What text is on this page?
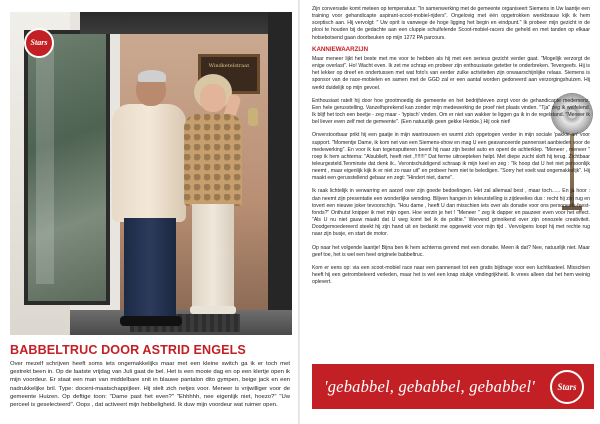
Windketelstraat
Stars
BABBELTRUC DOOR ASTRID ENGELS
Over mezelf schrijven heeft soms iets ongemakkelijks maar met een kleine switch ga ik er toch met gestrekt been in. Op de laatste vrijdag van Juli gaat de bel. Het is een mooie dag en op een klertje open ik mijn voordeur. Er staat een man van middelbare snit in blauwe pantalon dito gympen, beige jack en een nadrukkelijke bril. Type: docent-maatschappijleer. Hij stelt zich netjes voor. Meneer is vrijwilliger voor de gemeente Huizen. Op deftige toon: "Dame past het even?" "Ehhhhh, nee eigenlijk niet, hoezo?" "Uw perceel is geselecteerd". Oops , dat activeert mijn hebbeligheid. Ik duw mijn voordeur wat ruimer open.

Zijn conversatie komt meteen op temperatuur. "In samenwerking met de gemeente organiseert Siemens in Uw laantje een training voor gehandicapte aspirant-scoot-mobiel-rijders". Ongelovig met één opgetrokken wenkbrauw kijk ik hem sceptisch aan. Hij vervolgt: " Uw oprit is vanwege de hoge ligging het begin en eindpunt." Ik probeer mijn gezicht in de plooi te houden bij de gedachte aan een cluppie schuifelende Scoot-mobiel-racers die geheld en met tanden op elkaar hotsebotsend gaan doorbeuken op mijn 1272 PA parcours.

KANNIEWAARZIJN

Maar meneer lijkt het beste met me voor te hebben als hij met een serieus gezicht verder gaat. "Mogelijk verzorgt de enige overlast". Ho! Wacht even. Ik zet me schrap en probeer zijn enthousiaste getetter te onderbreken. Tevergeefs. Hij is het lekker op dreef en ondertussen met wat foto's van eerder zulke activiteiten zijn onwaarschijnlijke relaas. Siemens is sponsor van de race-mobielen en samen met de GGD zal er een aantal worden gedoneerd aan verzorgingshuizen. Hij werkt duidelijk op mijn gevoel.

Enthousiast ratelt hij door hoe grootmoedig de gemeente en het bedrijfsleven zorgt voor de gehandicapte medemens. Een hele gerusstelling. Vanzelfsprekend kan zonder mijn medewerking de proef niet plaats vinden. "Tja" zeg ik weifelend. Ik blijf het toch een beetje - zeg maar - 'typisch' vinden. Om er niet van wakker te liggen ga ik in de regelstand. "Meneer ik bel liever even zelf met de gemeente". (Een natuurlijk geen gekke Henkie.) Hij ook niet!

Onverstoorbaar prikt hij een gaatje in mijn wantrouwen en wurmt zich opgetogen verder in mijn sociale 'pakkie-an' voor support. "Momentje Dame, ik kom net van een Siemens-show en mag U een geavanceerde pannenset aanbieden voor de medewerking". En voor ik kan tegensputteren beent hij naar zijn bestel auto en opent de achterklep. "Meneer , meneer " roep ik hem achterna: "Alsublieft, heeft niet ,!!!!!!!" Dat ferme uitroepteken helpt. Met diepe zucht sloft hij terug. Zichtbaar teleurgesteld.Tenminste dat denk ik.. Verontschuldigend schraap ik mijn keel en zeg : "Ik hoop dat U het niet persoonlijk neemt , maar eigenlijk kijk ik er niet zo naar uit" en probeer hem niet te beledigen. "Sorry het voelt wat ongemakkelijk". Hij maakt een gerusstellend gebaar en zegt: "Hindert niet, dame".

Ik raak lichtelijk in verwarring en aarzel over zijn goede bedoelingen. Het zal allemaal best , maar toch...... En ja hoor : dan neemt zijn presentatie een wonderlijke wending. Blijven hangen in teleurstelling is zijdevelies dus : recht hij zijn rug en tovert een nieuwe joker tevoorschijn. "Hou dame , heeft U dan misschien iets over als donatie voor ons personeels-feest-fonds?" Onthutst knipper ik met mijn ogen. Hoe verzin je het ! "Meneer " zeg ik dapper en pauzeer even voor het effect. "Als U nu niet gauw maakt dat U weg komt bel ik de politie." Wervend grinnikend over zijn onnozele creativiteit. Doodgemoedereerd steekt hij zijn hand uit en bedankt me opgewekt voor mijn tijd . Vervolgens loopt hij met rechte rug naar zijn busje, en start de motor.

Op naar het volgende laantje! Bijna ben ik hem achterna gerend met een donatie. Meen ik dat? Nee, natuurlijk niet. Maar geef toe, het is wel een heel originele babbeltruc.

Kom er eens op: via een scoot-mobiel race naar een pannenset tot een gratis bijdrage voor een luchtkasteel. Misschien heeft hij een getrombeleerd verleden, maar het is wel een knap stukje vindingrijkheid. Ik vrees alleen dat het hem weinig oplevert.

'gebabbel, gebabbel, gebabbel'	Stars
